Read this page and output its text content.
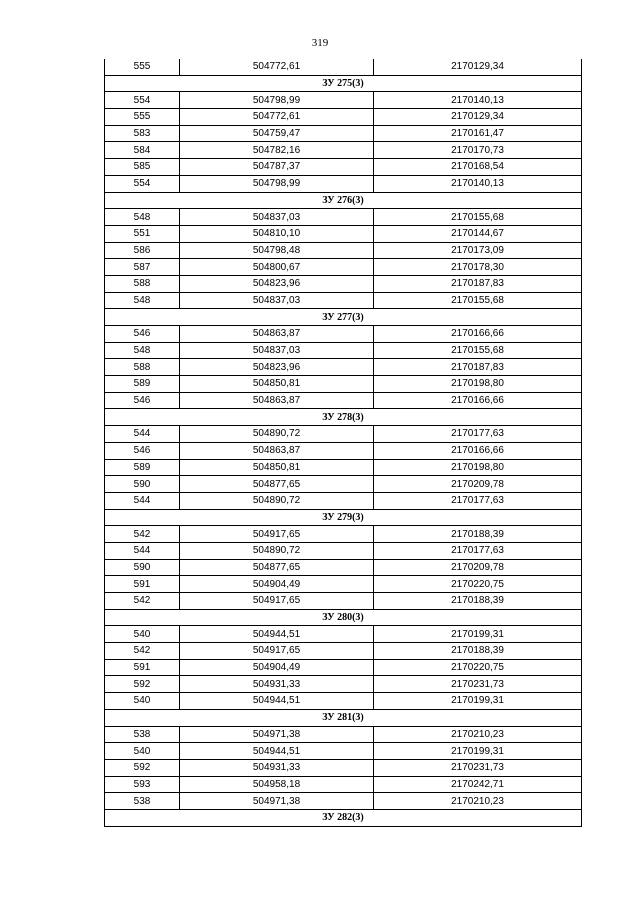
319
555	504772,61	2170129,34
ЗУ 275(3)		
554	504798,99	2170140,13
555	504772,61	2170129,34
583	504759,47	2170161,47
584	504782,16	2170170,73
585	504787,37	2170168,54
554	504798,99	2170140,13
ЗУ 276(3)		
548	504837,03	2170155,68
551	504810,10	2170144,67
586	504798,48	2170173,09
587	504800,67	2170178,30
588	504823,96	2170187,83
548	504837,03	2170155,68
ЗУ 277(3)		
546	504863,87	2170166,66
548	504837,03	2170155,68
588	504823,96	2170187,83
589	504850,81	2170198,80
546	504863,87	2170166,66
ЗУ 278(3)		
544	504890,72	2170177,63
546	504863,87	2170166,66
589	504850,81	2170198,80
590	504877,65	2170209,78
544	504890,72	2170177,63
ЗУ 279(3)		
542	504917,65	2170188,39
544	504890,72	2170177,63
590	504877,65	2170209,78
591	504904,49	2170220,75
542	504917,65	2170188,39
ЗУ 280(3)		
540	504944,51	2170199,31
542	504917,65	2170188,39
591	504904,49	2170220,75
592	504931,33	2170231,73
540	504944,51	2170199,31
ЗУ 281(3)		
538	504971,38	2170210,23
540	504944,51	2170199,31
592	504931,33	2170231,73
593	504958,18	2170242,71
538	504971,38	2170210,23
ЗУ 282(3)		
